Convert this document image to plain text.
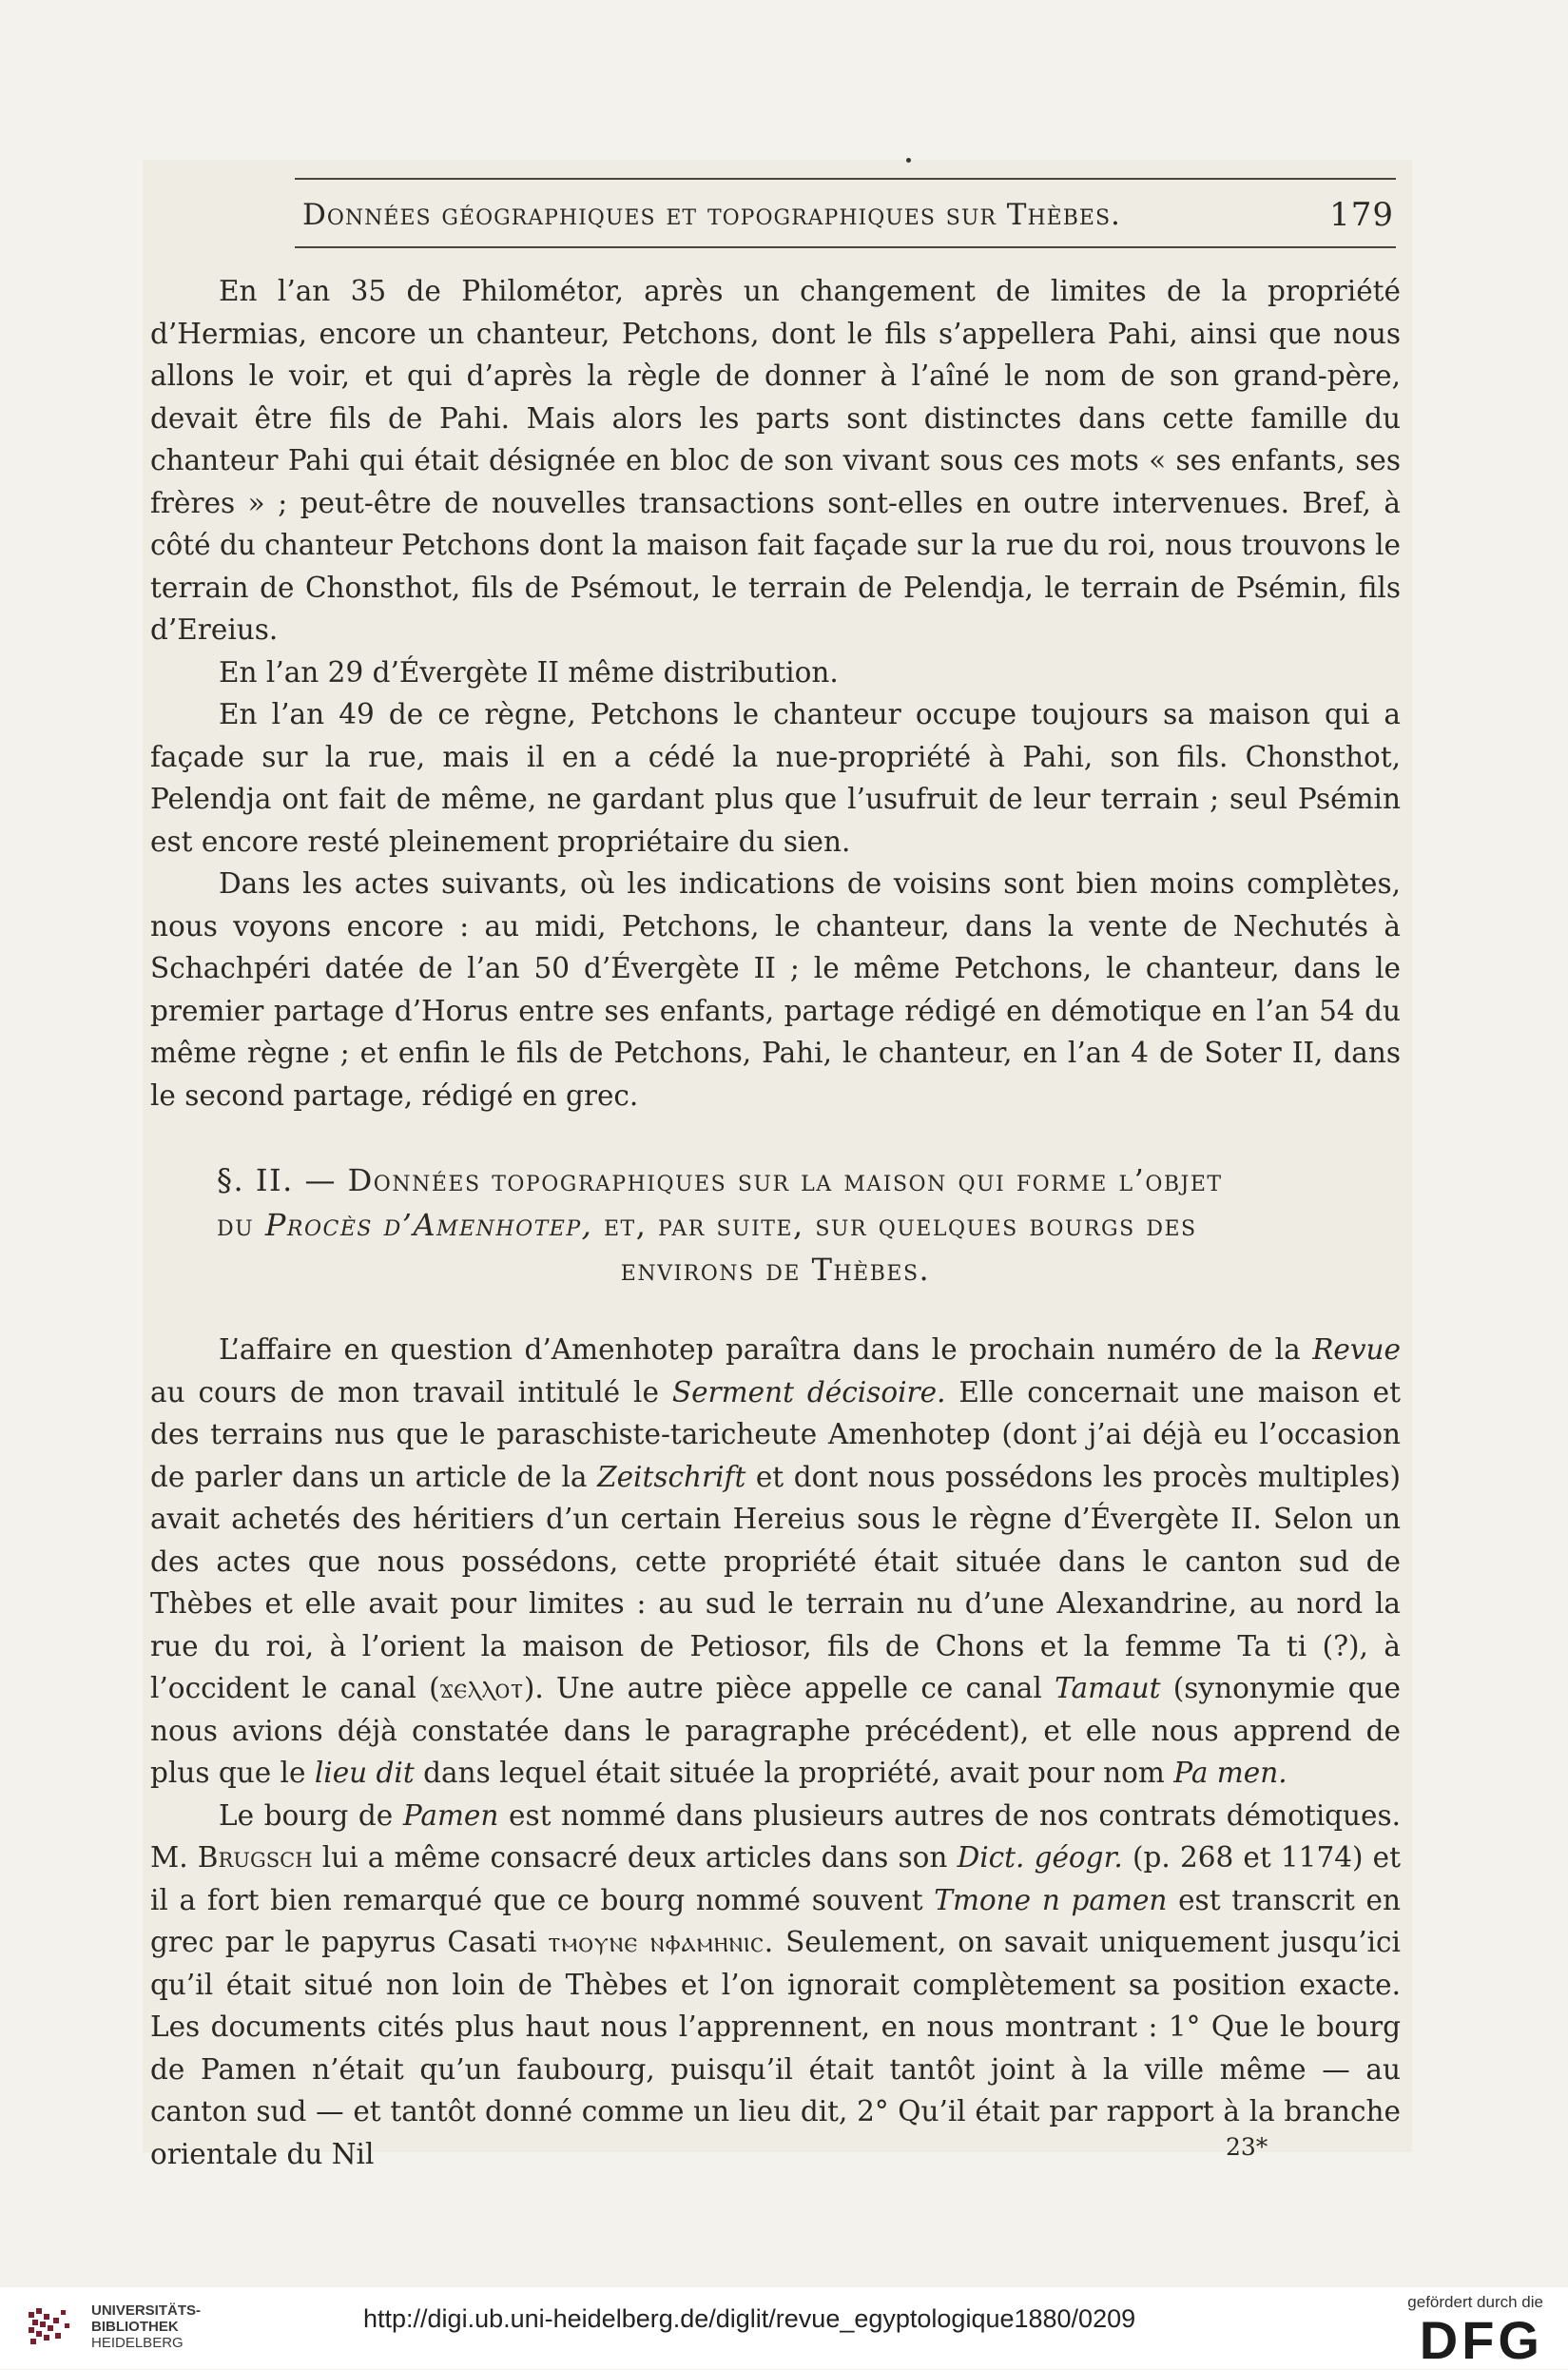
Données géographiques et topographiques sur Thèbes.	179

En l’an 35 de Philométor, après un changement de limites de la propriété d’Hermias, encore un chanteur, Petchons, dont le fils s’appellera Pahi, ainsi que nous allons le voir, et qui d’après la règle de donner à l’aîné le nom de son grand-père, devait être fils de Pahi. Mais alors les parts sont distinctes dans cette famille du chanteur Pahi qui était désignée en bloc de son vivant sous ces mots « ses enfants, ses frères » ; peut-être de nouvelles transactions sont-elles en outre intervenues. Bref, à côté du chanteur Petchons dont la maison fait façade sur la rue du roi, nous trouvons le terrain de Chonsthot, fils de Psémout, le terrain de Pelendja, le terrain de Psémin, fils d’Ereius.

En l’an 29 d’Évergète II même distribution.

En l’an 49 de ce règne, Petchons le chanteur occupe toujours sa maison qui a façade sur la rue, mais il en a cédé la nue-propriété à Pahi, son fils. Chonsthot, Pelendja ont fait de même, ne gardant plus que l’usufruit de leur terrain ; seul Psémin est encore resté pleinement propriétaire du sien.

Dans les actes suivants, où les indications de voisins sont bien moins complètes, nous voyons encore : au midi, Petchons, le chanteur, dans la vente de Nechutés à Schachpéri datée de l’an 50 d’Évergète II ; le même Petchons, le chanteur, dans le premier partage d’Horus entre ses enfants, partage rédigé en démotique en l’an 54 du même règne ; et enfin le fils de Petchons, Pahi, le chanteur, en l’an 4 de Soter II, dans le second partage, rédigé en grec.

§. II. — Données topographiques sur la maison qui forme l’objet
du Procès d’Amenhotep, et, par suite, sur quelques bourgs des
environs de Thèbes.

L’affaire en question d’Amenhotep paraîtra dans le prochain numéro de la Revue au cours de mon travail intitulé le Serment décisoire. Elle concernait une maison et des terrains nus que le paraschiste-taricheute Amenhotep (dont j’ai déjà eu l’occasion de parler dans un article de la Zeitschrift et dont nous possédons les procès multiples) avait achetés des héritiers d’un certain Hereius sous le règne d’Évergète II. Selon un des actes que nous possédons, cette propriété était située dans le canton sud de Thèbes et elle avait pour limites : au sud le terrain nu d’une Alexandrine, au nord la rue du roi, à l’orient la maison de Petiosor, fils de Chons et la femme Ta ti (?), à l’occident le canal (ϫⲉⲗⲗⲟⲧ). Une autre pièce appelle ce canal Tamaut (synonymie que nous avions déjà constatée dans le paragraphe précédent), et elle nous apprend de plus que le lieu dit dans lequel était située la propriété, avait pour nom Pa men.

Le bourg de Pamen est nommé dans plusieurs autres de nos contrats démotiques. M. Brugsch lui a même consacré deux articles dans son Dict. géogr. (p. 268 et 1174) et il a fort bien remarqué que ce bourg nommé souvent Tmone n pamen est transcrit en grec par le papyrus Casati ⲧⲙⲟⲩⲛⲉ ⲛⲫⲁⲙⲏⲛⲓⲥ. Seulement, on savait uniquement jusqu’ici qu’il était situé non loin de Thèbes et l’on ignorait complètement sa position exacte. Les documents cités plus haut nous l’apprennent, en nous montrant : 1° Que le bourg de Pamen n’était qu’un faubourg, puisqu’il était tantôt joint à la ville même — au canton sud — et tantôt donné comme un lieu dit, 2° Qu’il était par rapport à la branche orientale du Nil	23*
UNIVERSITÄTS-
BIBLIOTHEK
HEIDELBERG
http://digi.ub.uni-heidelberg.de/diglit/revue_egyptologique1880/0209
gefördert durch die
DFG
